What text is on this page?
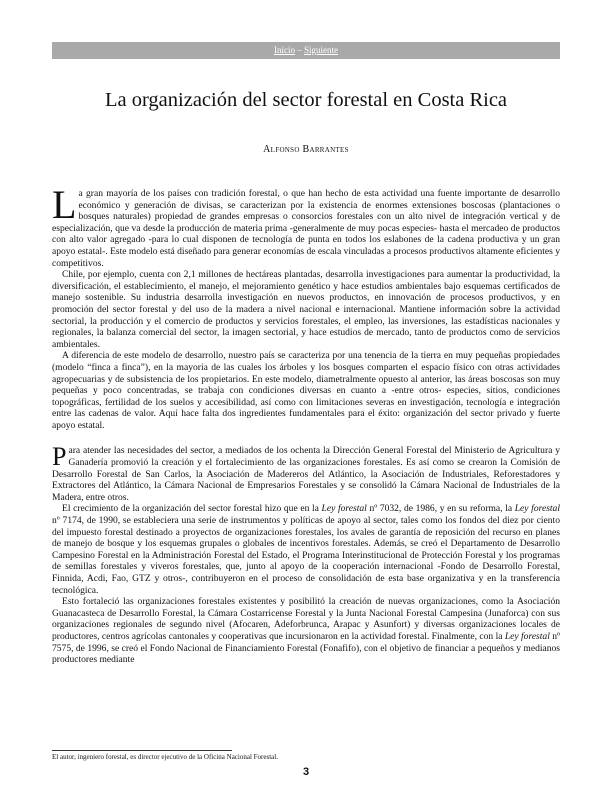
Inicio – Siguiente
La organización del sector forestal en Costa Rica
Alfonso Barrantes

La gran mayoría de los países con tradición forestal, o que han hecho de esta actividad una fuente importante de desarrollo económico y generación de divisas, se caracterizan por la existencia de enormes extensiones boscosas (plantaciones o bosques naturales) propiedad de grandes empresas o consorcios forestales con un alto nivel de integración vertical y de especialización, que va desde la producción de materia prima -generalmente de muy pocas especies- hasta el mercadeo de productos con alto valor agregado -para lo cual disponen de tecnología de punta en todos los eslabones de la cadena productiva y un gran apoyo estatal-. Este modelo está diseñado para generar economías de escala vinculadas a procesos productivos altamente eficientes y competitivos.

Chile, por ejemplo, cuenta con 2,1 millones de hectáreas plantadas, desarrolla investigaciones para aumentar la productividad, la diversificación, el establecimiento, el manejo, el mejoramiento genético y hace estudios ambientales bajo esquemas certificados de manejo sostenible. Su industria desarrolla investigación en nuevos productos, en innovación de procesos productivos, y en promoción del sector forestal y del uso de la madera a nivel nacional e internacional. Mantiene información sobre la actividad sectorial, la producción y el comercio de productos y servicios forestales, el empleo, las inversiones, las estadísticas nacionales y regionales, la balanza comercial del sector, la imagen sectorial, y hace estudios de mercado, tanto de productos como de servicios ambientales.

A diferencia de este modelo de desarrollo, nuestro país se caracteriza por una tenencia de la tierra en muy pequeñas propiedades (modelo “finca a finca”), en la mayoría de las cuales los árboles y los bosques comparten el espacio físico con otras actividades agropecuarias y de subsistencia de los propietarios. En este modelo, diametralmente opuesto al anterior, las áreas boscosas son muy pequeñas y poco concentradas, se trabaja con condiciones diversas en cuanto a -entre otros- especies, sitios, condiciones topográficas, fertilidad de los suelos y accesibilidad, así como con limitaciones severas en investigación, tecnología e integración entre las cadenas de valor. Aquí hace falta dos ingredientes fundamentales para el éxito: organización del sector privado y fuerte apoyo estatal.

Para atender las necesidades del sector, a mediados de los ochenta la Dirección General Forestal del Ministerio de Agricultura y Ganadería promovió la creación y el fortalecimiento de las organizaciones forestales. Es así como se crearon la Comisión de Desarrollo Forestal de San Carlos, la Asociación de Madereros del Atlántico, la Asociación de Industriales, Reforestadores y Extractores del Atlántico, la Cámara Nacional de Empresarios Forestales y se consolidó la Cámara Nacional de Industriales de la Madera, entre otros.

El crecimiento de la organización del sector forestal hizo que en la Ley forestal nº 7032, de 1986, y en su reforma, la Ley forestal nº 7174, de 1990, se estableciera una serie de instrumentos y políticas de apoyo al sector, tales como los fondos del diez por ciento del impuesto forestal destinado a proyectos de organizaciones forestales, los avales de garantía de reposición del recurso en planes de manejo de bosque y los esquemas grupales o globales de incentivos forestales. Además, se creó el Departamento de Desarrollo Campesino Forestal en la Administración Forestal del Estado, el Programa Interinstitucional de Protección Forestal y los programas de semillas forestales y viveros forestales, que, junto al apoyo de la cooperación internacional -Fondo de Desarrollo Forestal, Finnida, Acdi, Fao, GTZ y otros-, contribuyeron en el proceso de consolidación de esta base organizativa y en la transferencia tecnológica.

Esto fortaleció las organizaciones forestales existentes y posibilitó la creación de nuevas organizaciones, como la Asociación Guanacasteca de Desarrollo Forestal, la Cámara Costarricense Forestal y la Junta Nacional Forestal Campesina (Junaforca) con sus organizaciones regionales de segundo nivel (Afocaren, Adeforbrunca, Arapac y Asunfort) y diversas organizaciones locales de productores, centros agrícolas cantonales y cooperativas que incursionaron en la actividad forestal. Finalmente, con la Ley forestal nº 7575, de 1996, se creó el Fondo Nacional de Financiamiento Forestal (Fonafifo), con el objetivo de financiar a pequeños y medianos productores mediante

El autor, ingeniero forestal, es director ejecutivo de la Oficina Nacional Forestal.
3
